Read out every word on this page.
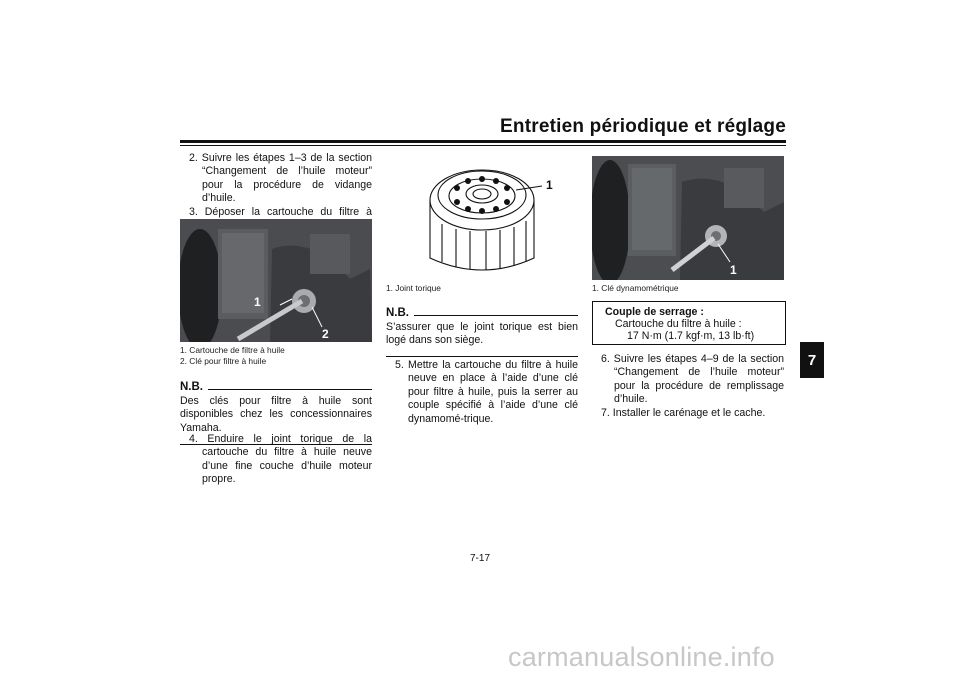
Entretien périodique et réglage
7

2. Suivre les étapes 1–3 de la section “Changement de l’huile moteur” pour la procédure de vidange d’huile.

3. Déposer la cartouche du filtre à

1
2
1. Cartouche de filtre à huile
2. Clé pour filtre à huile
N.B.
Des clés pour filtre à huile sont disponibles chez les concessionnaires Yamaha.

4. Enduire le joint torique de la cartouche du filtre à huile neuve d’une fine couche d’huile moteur propre.

1
1. Joint torique
N.B.
S’assurer que le joint torique est bien logé dans son siège.

5. Mettre la cartouche du filtre à huile neuve en place à l’aide d’une clé pour filtre à huile, puis la serrer au couple spécifié à l’aide d’une clé dynamomé-trique.

1
1. Clé dynamométrique
Couple de serrage :
Cartouche du filtre à huile :
17 N·m (1.7 kgf·m, 13 lb·ft)

6. Suivre les étapes 4–9 de la section “Changement de l’huile moteur” pour la procédure de remplissage d’huile.

7. Installer le carénage et le cache.

7-17
carmanualsonline.info
